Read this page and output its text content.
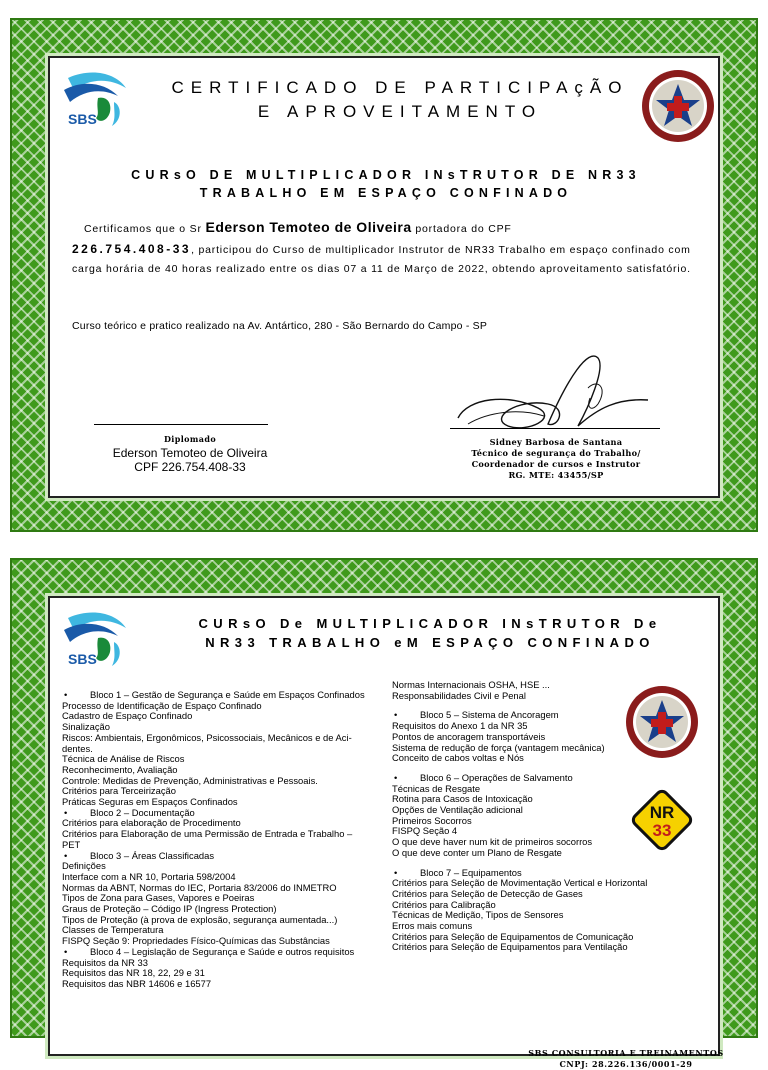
SBS
CERTIFICADO DE PARTICIPAçÃO
E APROVEITAMENTO
CURsO DE MULTIPLICADOR INsTRUTOR DE NR33
TRABALHO EM ESPAÇO CONFINADO
Certificamos que o Sr Ederson Temoteo de Oliveira portadora do CPF
226.754.408-33, participou do Curso de multiplicador Instrutor de NR33 Trabalho em espaço confinado com carga horária de 40 horas realizado entre os dias 07 a 11 de Março de 2022, obtendo aproveitamento satisfatório.
Curso teórico e pratico realizado na Av. Antártico, 280 - São Bernardo do Campo - SP
Diplomado
Ederson Temoteo de Oliveira
CPF 226.754.408-33
Sidney Barbosa de Santana
Técnico de segurança do Trabalho/
Coordenador de cursos e Instrutor
RG. MTE: 43455/SP
SBS
CURsO De MULTIPLICADOR INsTRUTOR De
NR33 TRABALHO eM ESPAÇO CONFINADO

• Bloco 1 – Gestão de Segurança e Saúde em Espaços Confinados

Processo de Identificação de Espaço Confinado

Cadastro de Espaço Confinado

Sinalização

Riscos: Ambientais, Ergonômicos, Psicossociais, Mecânicos e de Aci-

dentes.

Técnica de Análise de Riscos

Reconhecimento, Avaliação

Controle: Medidas de Prevenção, Administrativas e Pessoais.

Critérios para Terceirização

Práticas Seguras em Espaços Confinados

• Bloco 2 – Documentação

Critérios para elaboração de Procedimento

Critérios para Elaboração de uma Permissão de Entrada e Trabalho –

PET

• Bloco 3 – Áreas Classificadas

Definições

Interface com a NR 10, Portaria 598/2004

Normas da ABNT, Normas do IEC, Portaria 83/2006 do INMETRO

Tipos de Zona para Gases, Vapores e Poeiras

Graus de Proteção – Código IP (Ingress Protection)

Tipos de Proteção (à prova de explosão, segurança aumentada...)

Classes de Temperatura

FISPQ Seção 9: Propriedades Físico-Químicas das Substâncias

• Bloco 4 – Legislação de Segurança e Saúde e outros requisitos

Requisitos da NR 33

Requisitos das NR 18, 22, 29 e 31

Requisitos das NBR 14606 e 16577

Normas Internacionais OSHA, HSE ...

Responsabilidades Civil e Penal

• Bloco 5 – Sistema de Ancoragem

Requisitos do Anexo 1 da NR 35

Pontos de ancoragem transportáveis

Sistema de redução de força (vantagem mecânica)

Conceito de cabos voltas e Nós

• Bloco 6 – Operações de Salvamento

Técnicas de Resgate

Rotina para Casos de Intoxicação

Opções de Ventilação adicional

Primeiros Socorros

FISPQ Seção 4

O que deve haver num kit de primeiros socorros

O que deve conter um Plano de Resgate

• Bloco 7 – Equipamentos

Critérios para Seleção de Movimentação Vertical e Horizontal

Critérios para Seleção de Detecção de Gases

Critérios para Calibração

Técnicas de Medição, Tipos de Sensores

Erros mais comuns

Critérios para Seleção de Equipamentos de Comunicação

Critérios para Seleção de Equipamentos para Ventilação

NR
33
SBS CONSULTORIA E TREINAMENTOS
CNPJ: 28.226.136/0001-29
